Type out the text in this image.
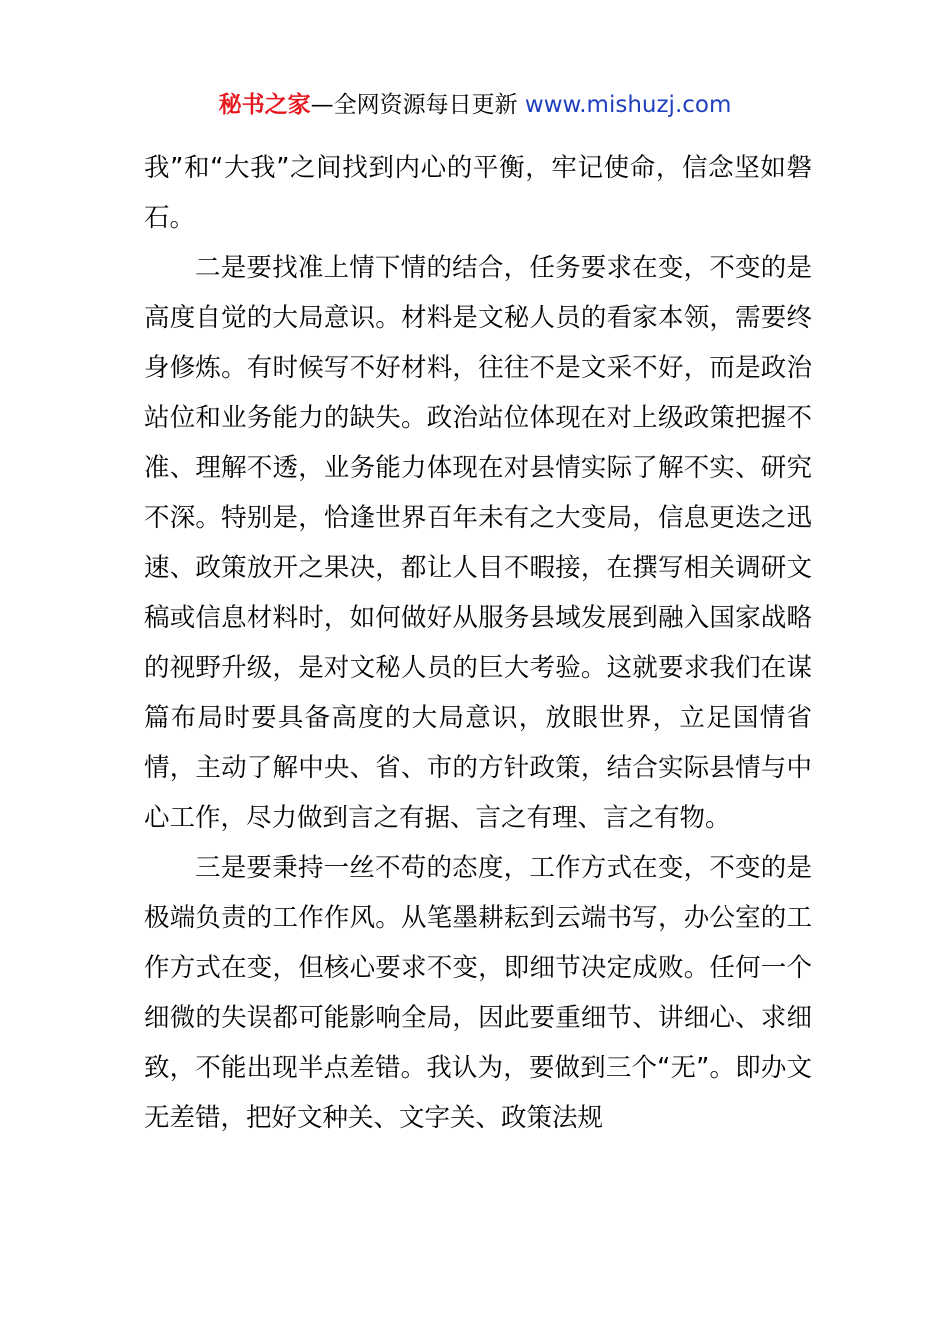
秘书之家—全网资源每日更新 www.mishuzj.com

我”和“大我”之间找到内心的平衡，牢记使命，信念坚如磐石。

二是要找准上情下情的结合，任务要求在变，不变的是高度自觉的大局意识。材料是文秘人员的看家本领，需要终身修炼。有时候写不好材料，往往不是文采不好，而是政治站位和业务能力的缺失。政治站位体现在对上级政策把握不准、理解不透，业务能力体现在对县情实际了解不实、研究不深。特别是，恰逢世界百年未有之大变局，信息更迭之迅速、政策放开之果决，都让人目不暇接，在撰写相关调研文稿或信息材料时，如何做好从服务县域发展到融入国家战略的视野升级，是对文秘人员的巨大考验。这就要求我们在谋篇布局时要具备高度的大局意识，放眼世界，立足国情省情，主动了解中央、省、市的方针政策，结合实际县情与中心工作，尽力做到言之有据、言之有理、言之有物。

三是要秉持一丝不苟的态度，工作方式在变，不变的是极端负责的工作作风。从笔墨耕耘到云端书写，办公室的工作方式在变，但核心要求不变，即细节决定成败。任何一个细微的失误都可能影响全局，因此要重细节、讲细心、求细致，不能出现半点差错。我认为，要做到三个“无”。即办文无差错，把好文种关、文字关、政策法规
